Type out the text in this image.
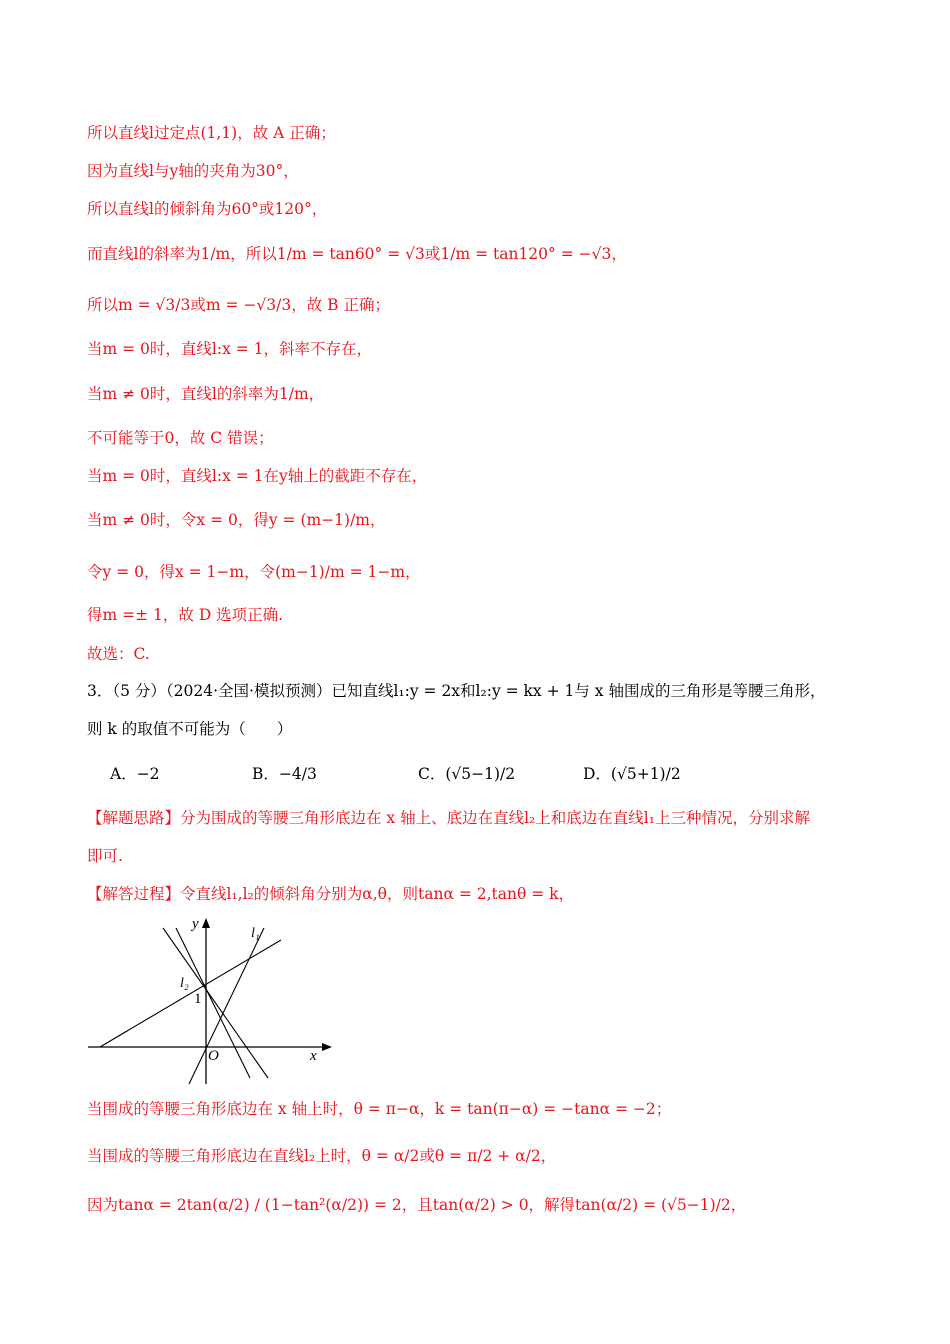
所以直线l过定点(1,1)，故 A 正确；
因为直线l与y轴的夹角为30°，
所以直线l的倾斜角为60°或120°，
而直线l的斜率为1/m，所以1/m = tan60° = √3或1/m = tan120° = −√3，
所以m = √3/3或m = −√3/3，故 B 正确；
当m = 0时，直线l:x = 1，斜率不存在，
当m ≠ 0时，直线l的斜率为1/m，
不可能等于0，故 C 错误；
当m = 0时，直线l:x = 1在y轴上的截距不存在，
当m ≠ 0时，令x = 0，得y = (m−1)/m，
令y = 0，得x = 1−m，令(m−1)/m = 1−m，
得m =± 1，故 D 选项正确.
故选：C.
3．（5 分）（2024·全国·模拟预测）已知直线l₁:y = 2x和l₂:y = kx + 1与 x 轴围成的三角形是等腰三角形，
则 k 的取值不可能为（　　）
A．−2	B．−4/3	C．(√5−1)/2	D．(√5+1)/2
【解题思路】分为围成的等腰三角形底边在 x 轴上、底边在直线l₂上和底边在直线l₁上三种情况，分别求解
即可.
【解答过程】令直线l₁,l₂的倾斜角分别为α,θ，则tanα = 2,tanθ = k，
y
x
O
1
l₁
l₂
当围成的等腰三角形底边在 x 轴上时，θ = π−α，k = tan(π−α) = −tanα = −2；
当围成的等腰三角形底边在直线l₂上时，θ = α/2或θ = π/2 + α/2，
因为tanα = 2tan(α/2) / (1−tan²(α/2)) = 2，且tan(α/2) > 0，解得tan(α/2) = (√5−1)/2，
